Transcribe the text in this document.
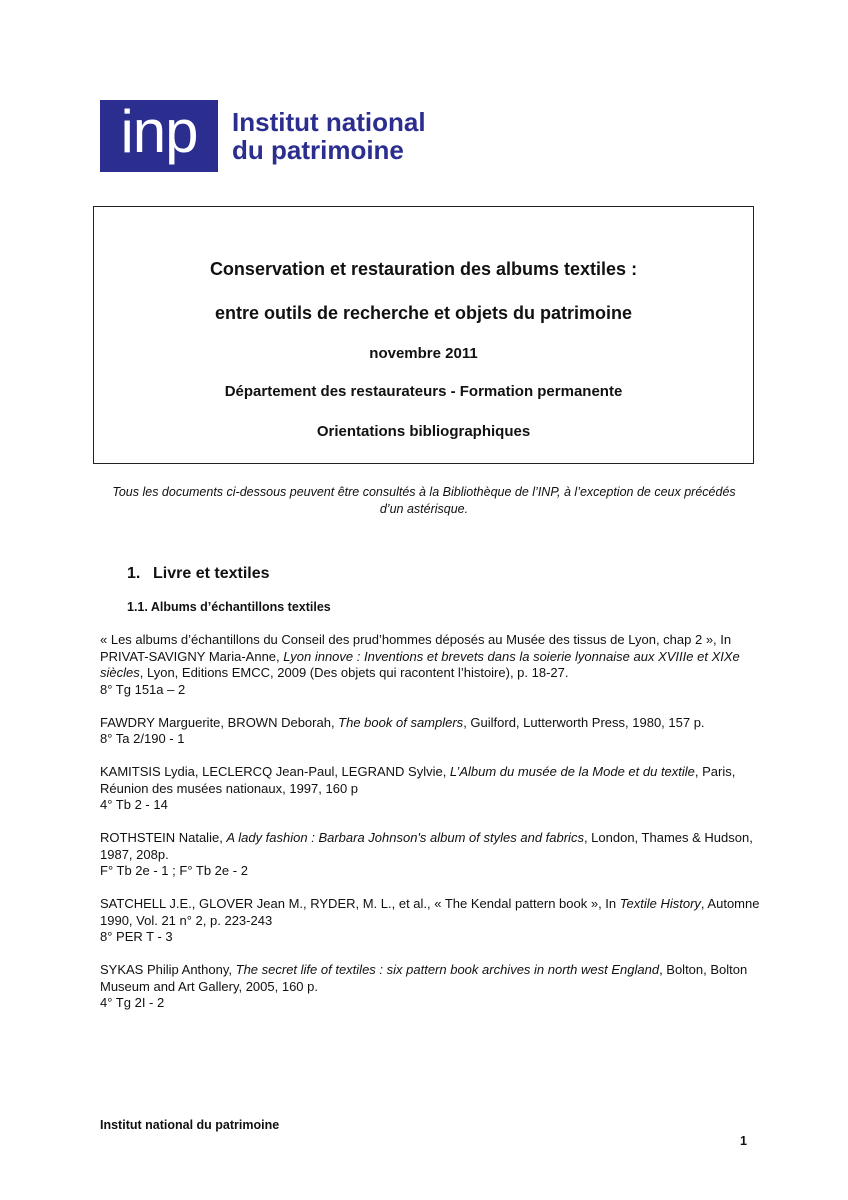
inp Institut national
du patrimoine
Conservation et restauration des albums textiles :
entre outils de recherche et objets du patrimoine
novembre 2011
Département des restaurateurs - Formation permanente
Orientations bibliographiques
Tous les documents ci-dessous peuvent être consultés à la Bibliothèque de l’INP, à l’exception de ceux précédés d’un astérisque.
1. Livre et textiles
1.1. Albums d’échantillons textiles

« Les albums d’échantillons du Conseil des prud’hommes déposés au Musée des tissus de Lyon, chap 2 », In PRIVAT-SAVIGNY Maria-Anne, Lyon innove : Inventions et brevets dans la soierie lyonnaise aux XVIIIe et XIXe siècles, Lyon, Editions EMCC, 2009 (Des objets qui racontent l’histoire), p. 18-27.

8° Tg 151a – 2

FAWDRY Marguerite, BROWN Deborah, The book of samplers, Guilford, Lutterworth Press, 1980, 157 p.

8° Ta 2/190 - 1

KAMITSIS Lydia, LECLERCQ Jean-Paul, LEGRAND Sylvie, L’Album du musée de la Mode et du textile, Paris, Réunion des musées nationaux, 1997, 160 p

4° Tb 2 - 14

ROTHSTEIN Natalie, A lady fashion : Barbara Johnson's album of styles and fabrics, London, Thames & Hudson, 1987, 208p.

F° Tb 2e - 1 ; F° Tb 2e - 2

SATCHELL J.E., GLOVER Jean M., RYDER, M. L., et al., « The Kendal pattern book », In Textile History, Automne 1990, Vol. 21 n° 2, p. 223-243

8° PER T - 3

SYKAS Philip Anthony, The secret life of textiles : six pattern book archives in north west England, Bolton, Bolton Museum and Art Gallery, 2005, 160 p.

4° Tg 2I - 2

Institut national du patrimoine
1
